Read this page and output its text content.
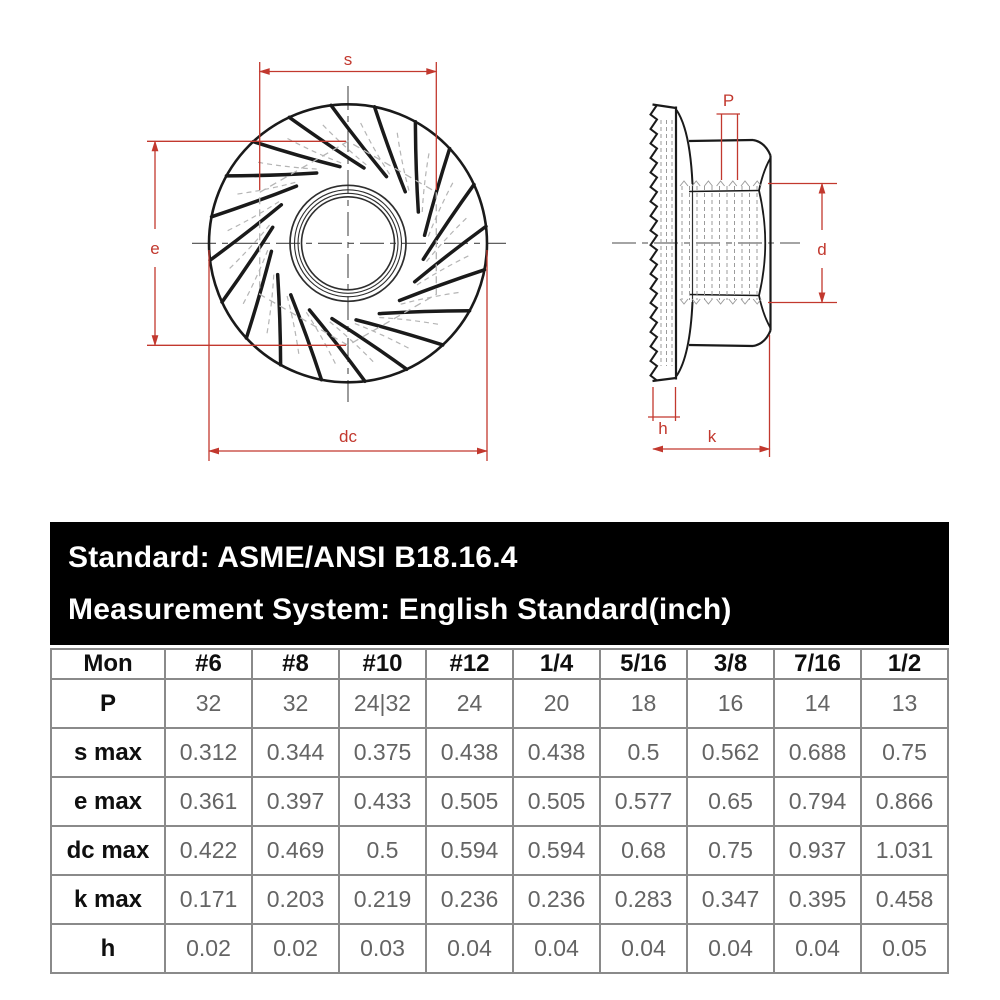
s
e
dc
P
d
h k
Standard: ASME/ANSI B18.16.4
Measurement System: English Standard(inch)
Mon	#6	#8	#10	#12	1/4	5/16	3/8	7/16	1/2
P	32	32	24|32	24	20	18	16	14	13
s max	0.312	0.344	0.375	0.438	0.438	0.5	0.562	0.688	0.75
e max	0.361	0.397	0.433	0.505	0.505	0.577	0.65	0.794	0.866
dc max	0.422	0.469	0.5	0.594	0.594	0.68	0.75	0.937	1.031
k max	0.171	0.203	0.219	0.236	0.236	0.283	0.347	0.395	0.458
h	0.02	0.02	0.03	0.04	0.04	0.04	0.04	0.04	0.05
